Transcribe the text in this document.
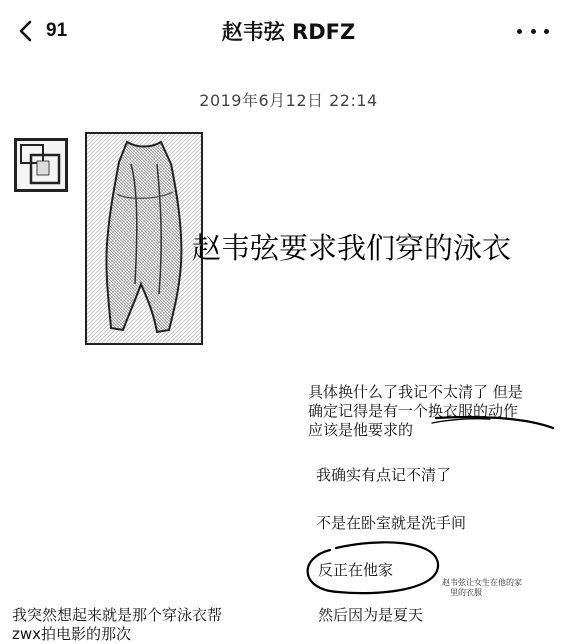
91	赵韦弦 RDFZ
2019年6月12日 22:14
赵韦弦要求我们穿的泳衣
具体换什么了我记不太清了 但是
确定记得是有一个换衣服的动作
应该是他要求的
我确实有点记不清了
不是在卧室就是洗手间
反正在他家
然后因为是夏天
赵韦弦让女生在他的家
里的衣服
我突然想起来就是那个穿泳衣帮
zwx拍电影的那次
